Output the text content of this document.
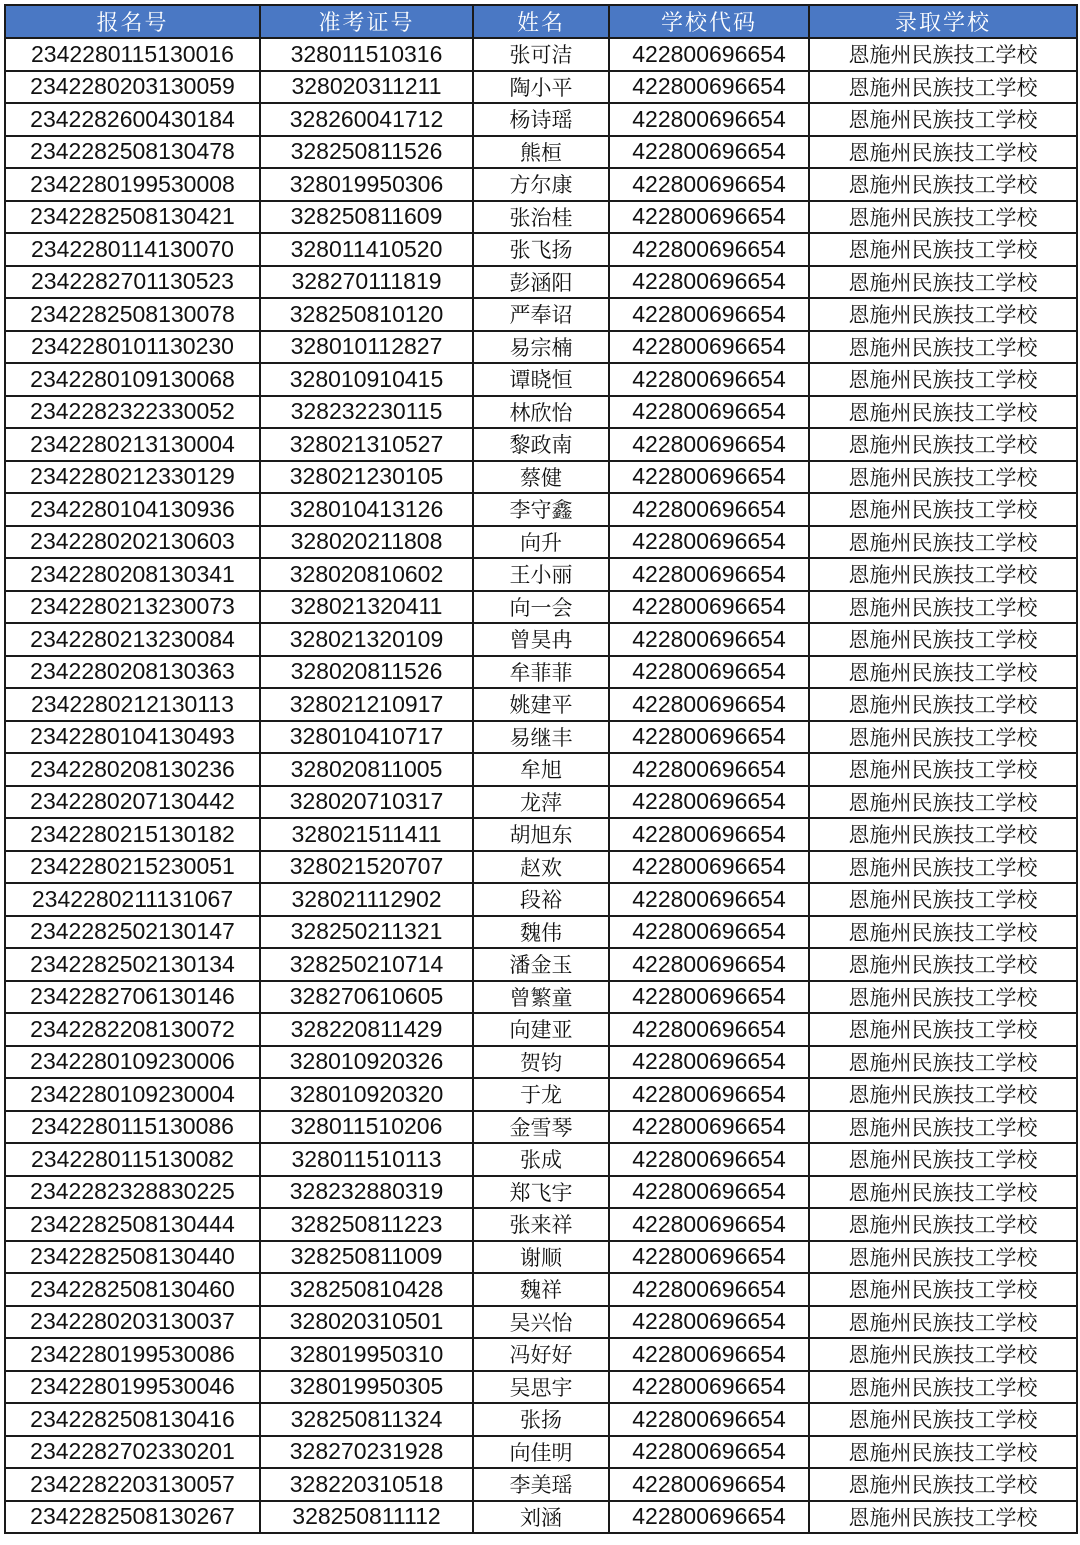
报名号	准考证号	姓名	学校代码	录取学校
2342280115130016	328011510316	张可洁	422800696654	恩施州民族技工学校
2342280203130059	328020311211	陶小平	422800696654	恩施州民族技工学校
2342282600430184	328260041712	杨诗瑶	422800696654	恩施州民族技工学校
2342282508130478	328250811526	熊桓	422800696654	恩施州民族技工学校
2342280199530008	328019950306	方尔康	422800696654	恩施州民族技工学校
2342282508130421	328250811609	张治桂	422800696654	恩施州民族技工学校
2342280114130070	328011410520	张飞扬	422800696654	恩施州民族技工学校
2342282701130523	328270111819	彭涵阳	422800696654	恩施州民族技工学校
2342282508130078	328250810120	严奉诏	422800696654	恩施州民族技工学校
2342280101130230	328010112827	易宗楠	422800696654	恩施州民族技工学校
2342280109130068	328010910415	谭晓恒	422800696654	恩施州民族技工学校
2342282322330052	328232230115	林欣怡	422800696654	恩施州民族技工学校
2342280213130004	328021310527	黎政南	422800696654	恩施州民族技工学校
2342280212330129	328021230105	蔡健	422800696654	恩施州民族技工学校
2342280104130936	328010413126	李守鑫	422800696654	恩施州民族技工学校
2342280202130603	328020211808	向升	422800696654	恩施州民族技工学校
2342280208130341	328020810602	王小丽	422800696654	恩施州民族技工学校
2342280213230073	328021320411	向一会	422800696654	恩施州民族技工学校
2342280213230084	328021320109	曾昊冉	422800696654	恩施州民族技工学校
2342280208130363	328020811526	牟菲菲	422800696654	恩施州民族技工学校
2342280212130113	328021210917	姚建平	422800696654	恩施州民族技工学校
2342280104130493	328010410717	易继丰	422800696654	恩施州民族技工学校
2342280208130236	328020811005	牟旭	422800696654	恩施州民族技工学校
2342280207130442	328020710317	龙萍	422800696654	恩施州民族技工学校
2342280215130182	328021511411	胡旭东	422800696654	恩施州民族技工学校
2342280215230051	328021520707	赵欢	422800696654	恩施州民族技工学校
2342280211131067	328021112902	段裕	422800696654	恩施州民族技工学校
2342282502130147	328250211321	魏伟	422800696654	恩施州民族技工学校
2342282502130134	328250210714	潘金玉	422800696654	恩施州民族技工学校
2342282706130146	328270610605	曾繁童	422800696654	恩施州民族技工学校
2342282208130072	328220811429	向建亚	422800696654	恩施州民族技工学校
2342280109230006	328010920326	贺钧	422800696654	恩施州民族技工学校
2342280109230004	328010920320	于龙	422800696654	恩施州民族技工学校
2342280115130086	328011510206	金雪琴	422800696654	恩施州民族技工学校
2342280115130082	328011510113	张成	422800696654	恩施州民族技工学校
2342282328830225	328232880319	郑飞宇	422800696654	恩施州民族技工学校
2342282508130444	328250811223	张来祥	422800696654	恩施州民族技工学校
2342282508130440	328250811009	谢顺	422800696654	恩施州民族技工学校
2342282508130460	328250810428	魏祥	422800696654	恩施州民族技工学校
2342280203130037	328020310501	吴兴怡	422800696654	恩施州民族技工学校
2342280199530086	328019950310	冯好好	422800696654	恩施州民族技工学校
2342280199530046	328019950305	吴思宇	422800696654	恩施州民族技工学校
2342282508130416	328250811324	张扬	422800696654	恩施州民族技工学校
2342282702330201	328270231928	向佳明	422800696654	恩施州民族技工学校
2342282203130057	328220310518	李美瑶	422800696654	恩施州民族技工学校
2342282508130267	328250811112	刘涵	422800696654	恩施州民族技工学校
